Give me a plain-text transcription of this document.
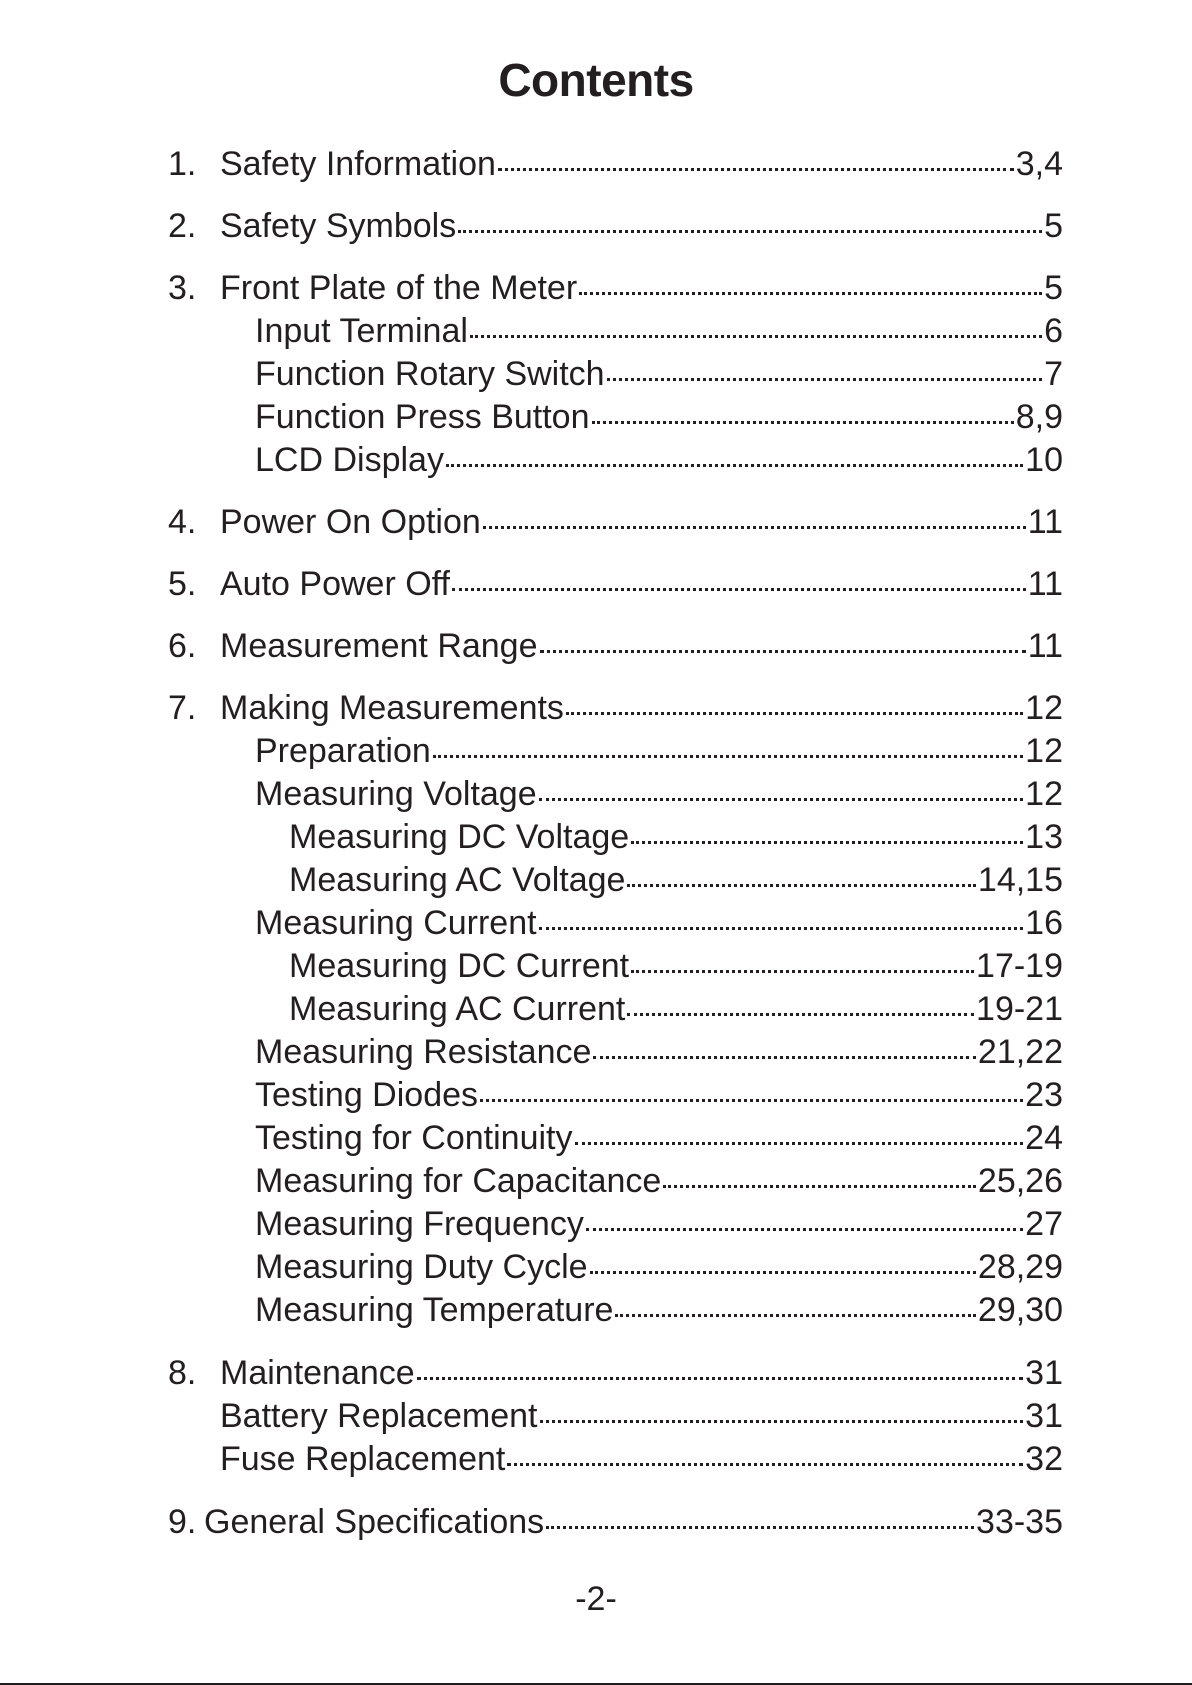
Contents
1. Safety Information	3,4
2. Safety Symbols	5
3. Front Plate of the Meter	5
Input Terminal	6
Function Rotary Switch	7
Function Press Button	8,9
LCD Display	10
4. Power On Option	11
5. Auto Power Off	11
6. Measurement Range	11
7. Making Measurements	12
Preparation	12
Measuring Voltage	12
Measuring DC Voltage	13
Measuring AC Voltage	14,15
Measuring Current	16
Measuring DC Current	17-19
Measuring AC Current	19-21
Measuring Resistance	21,22
Testing Diodes	23
Testing for Continuity	24
Measuring for Capacitance	25,26
Measuring Frequency	27
Measuring Duty Cycle	28,29
Measuring Temperature	29,30
8. Maintenance	31
Battery Replacement	31
Fuse Replacement	32
9. General Specifications	33-35
-2-
